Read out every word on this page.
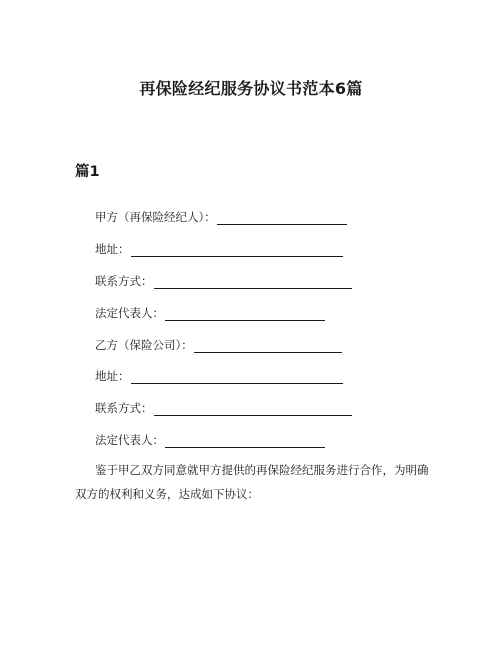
再保险经纪服务协议书范本6篇
篇1
甲方（再保险经纪人）：
地址：
联系方式：
法定代表人：
乙方（保险公司）：
地址：
联系方式：
法定代表人：

鉴于甲乙双方同意就甲方提供的再保险经纪服务进行合作，为明确双方的权利和义务，达成如下协议：
